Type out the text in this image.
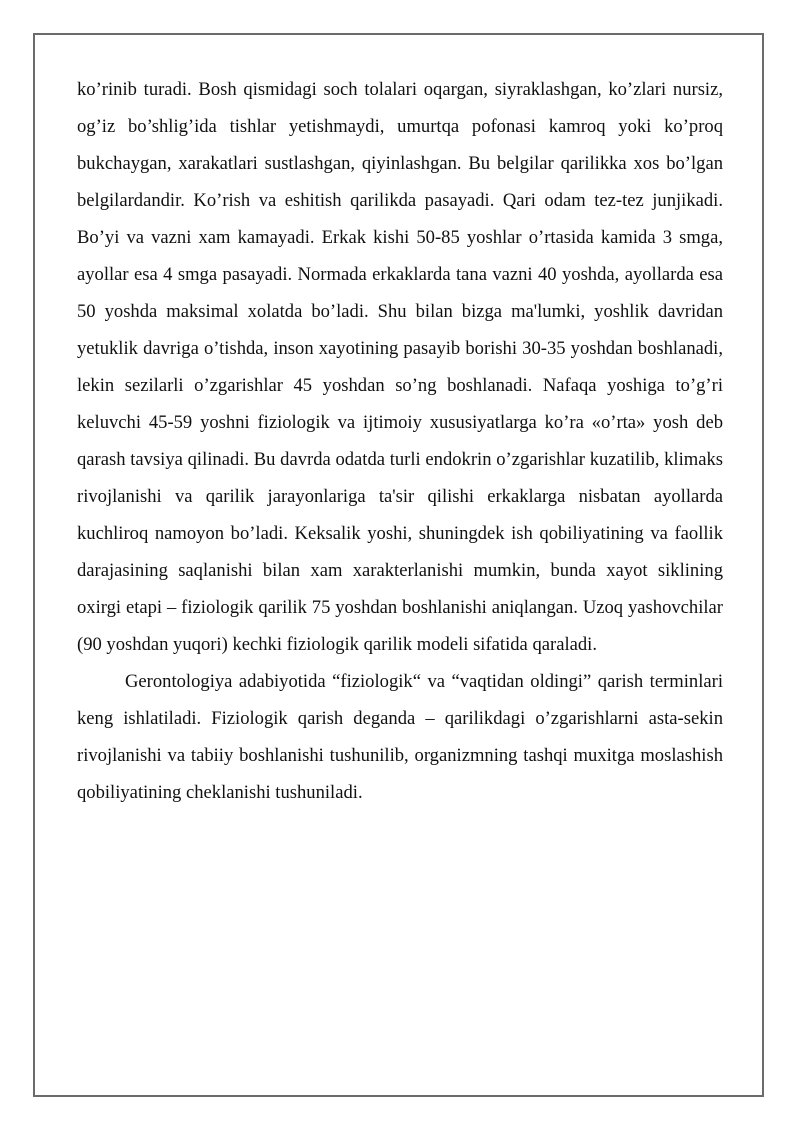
ko’rinib turadi. Bosh qismidagi soch tolalari oqargan, siyraklashgan, ko’zlari nursiz, og’iz bo’shlig’ida tishlar yetishmaydi, umurtqa pofonasi kamroq yoki ko’proq bukchaygan, xarakatlari sustlashgan, qiyinlashgan. Bu belgilar qarilikka xos bo’lgan belgilardandir. Ko’rish va eshitish qarilikda pasayadi. Qari odam tez-tez junjikadi. Bo’yi va vazni xam kamayadi. Erkak kishi 50-85 yoshlar o’rtasida kamida 3 smga, ayollar esa 4 smga pasayadi. Normada erkaklarda tana vazni 40 yoshda, ayollarda esa 50 yoshda maksimal xolatda bo’ladi. Shu bilan bizga ma'lumki, yoshlik davridan yetuklik davriga o’tishda, inson xayotining pasayib borishi 30-35 yoshdan boshlanadi, lekin sezilarli o’zgarishlar 45 yoshdan so’ng boshlanadi. Nafaqa yoshiga to’g’ri keluvchi 45-59 yoshni fiziologik va ijtimoiy xususiyatlarga ko’ra «o’rta» yosh deb qarash tavsiya qilinadi. Bu davrda odatda turli endokrin o’zgarishlar kuzatilib, klimaks rivojlanishi va qarilik jarayonlariga ta'sir qilishi erkaklarga nisbatan ayollarda kuchliroq namoyon bo’ladi. Keksalik yoshi, shuningdek ish qobiliyatining va faollik darajasining saqlanishi bilan xam xarakterlanishi mumkin, bunda xayot siklining oxirgi etapi – fiziologik qarilik 75 yoshdan boshlanishi aniqlangan. Uzoq yashovchilar (90 yoshdan yuqori) kechki fiziologik qarilik modeli sifatida qaraladi.

Gerontologiya adabiyotida “fiziologik“ va “vaqtidan oldingi” qarish terminlari keng ishlatiladi. Fiziologik qarish deganda – qarilikdagi o’zgarishlarni asta-sekin rivojlanishi va tabiiy boshlanishi tushunilib, organizmning tashqi muxitga moslashish qobiliyatining cheklanishi tushuniladi.
